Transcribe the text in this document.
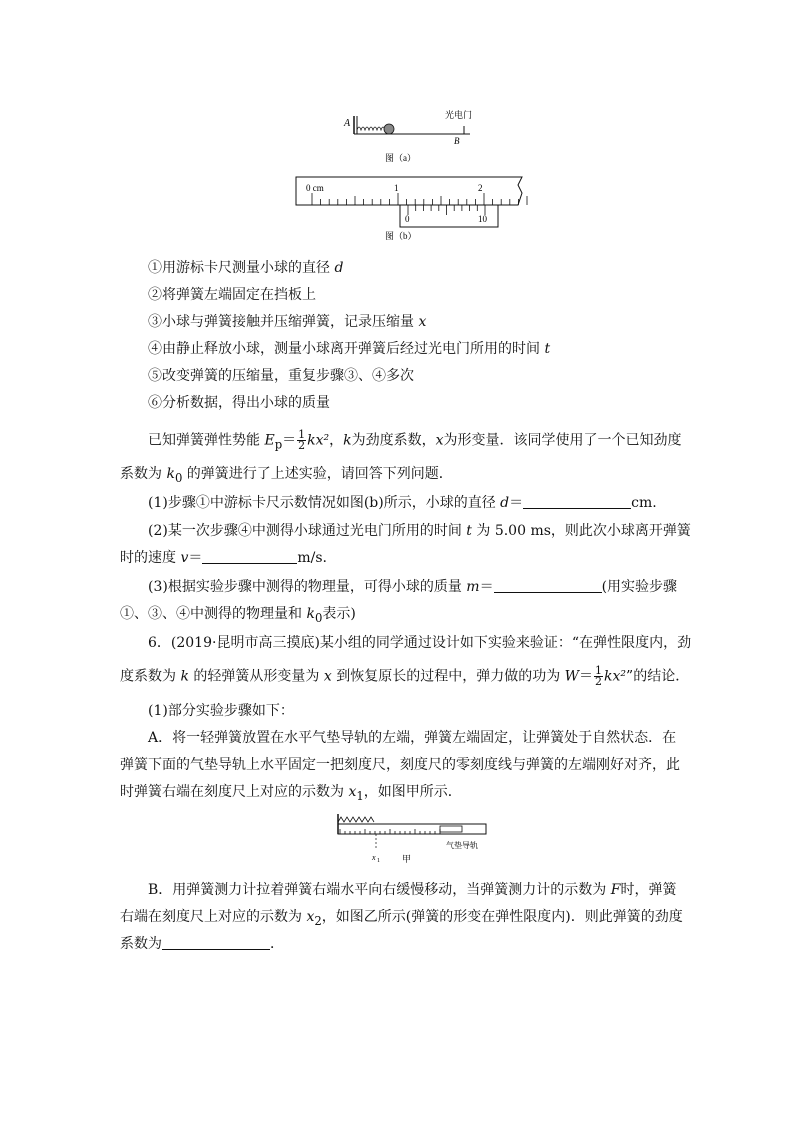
A
光电门
B
图（a）
0 cm	1	2
0	10
图（b）
①用游标卡尺测量小球的直径 d
②将弹簧左端固定在挡板上
③小球与弹簧接触并压缩弹簧，记录压缩量 x
④由静止释放小球，测量小球离开弹簧后经过光电门所用的时间 t
⑤改变弹簧的压缩量，重复步骤③、④多次
⑥分析数据，得出小球的质量
已知弹簧弹性势能 $E_p= \frac{1}{2} kx^2$，k为劲度系数，x为形变量．该同学使用了一个已知劲度
系数为 $k_0$ 的弹簧进行了上述实验，请回答下列问题．
(1)步骤①中游标卡尺示数情况如图(b)所示，小球的直径 d＝	cm.
(2)某一次步骤④中测得小球通过光电门所用的时间 t 为 5.00 ms，则此次小球离开弹簧
时的速度 v＝	m/s.
(3)根据实验步骤中测得的物理量，可得小球的质量 m＝	(用实验步骤
①、③、④中测得的物理量和 $k_0$表示)
6．(2019·昆明市高三摸底)某小组的同学通过设计如下实验来验证：“在弹性限度内，劲
度系数为 k 的轻弹簧从形变量为 x 到恢复原长的过程中，弹力做的功为 $W= \frac{1}{2} kx^2$”的结论．
(1)部分实验步骤如下：
A．将一轻弹簧放置在水平气垫导轨的左端，弹簧左端固定，让弹簧处于自然状态．在
弹簧下面的气垫导轨上水平固定一把刻度尺，刻度尺的零刻度线与弹簧的左端刚好对齐，此
时弹簧右端在刻度尺上对应的示数为 $x_1$，如图甲所示．
x 1 甲
气垫导轨
B．用弹簧测力计拉着弹簧右端水平向右缓慢移动，当弹簧测力计的示数为 F时，弹簧
右端在刻度尺上对应的示数为 $x_2$，如图乙所示(弹簧的形变在弹性限度内)．则此弹簧的劲度
系数为	．
